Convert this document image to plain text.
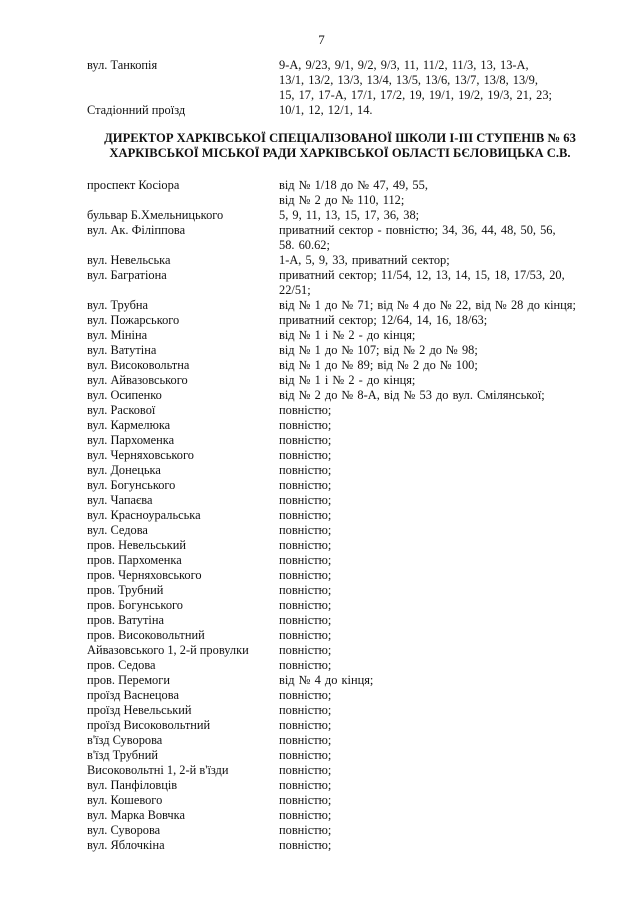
7
вул. Танкопія	9-А, 9/23, 9/1, 9/2, 9/3, 11, 11/2, 11/3, 13, 13-А,
13/1, 13/2, 13/3, 13/4, 13/5, 13/6, 13/7, 13/8, 13/9,
15, 17, 17-А, 17/1, 17/2, 19, 19/1, 19/2, 19/3, 21, 23;
Стадіонний проїзд	10/1, 12, 12/1, 14.
ДИРЕКТОР ХАРКІВСЬКОЇ СПЕЦІАЛІЗОВАНОЇ ШКОЛИ I-III СТУПЕНІВ № 63
ХАРКІВСЬКОЇ МІСЬКОЇ РАДИ ХАРКІВСЬКОЇ ОБЛАСТІ БЄЛОВИЦЬКА С.В.
проспект Косіора	від № 1/18 до № 47, 49, 55,
від № 2 до № 110, 112;
бульвар Б.Хмельницького	5, 9, 11, 13, 15, 17, 36, 38;
вул. Ак. Філіппова	приватний сектор - повністю; 34, 36, 44, 48, 50, 56,
58. 60.62;
вул. Невельська	1-А, 5, 9, 33, приватний сектор;
вул. Багратіона	приватний сектор; 11/54, 12, 13, 14, 15, 18, 17/53, 20,
22/51;
вул. Трубна	від № 1 до № 71; від № 4 до № 22, від № 28 до кінця;
вул. Пожарського	приватний сектор; 12/64, 14, 16, 18/63;
вул. Мініна	від № 1 і № 2 - до кінця;
вул. Ватутіна	від № 1 до № 107; від № 2 до № 98;
вул. Високовольтна	від № 1 до № 89; від № 2 до № 100;
вул. Айвазовського	від № 1 і № 2 - до кінця;
вул. Осипенко	від № 2 до № 8-А, від № 53 до вул. Смілянської;
вул. Раскової	повністю;
вул. Кармелюка	повністю;
вул. Пархоменка	повністю;
вул. Черняховського	повністю;
вул. Донецька	повністю;
вул. Богунського	повністю;
вул. Чапаєва	повністю;
вул. Красноуральська	повністю;
вул. Седова	повністю;
пров. Невельський	повністю;
пров. Пархоменка	повністю;
пров. Черняховського	повністю;
пров. Трубний	повністю;
пров. Богунського	повністю;
пров. Ватутіна	повністю;
пров. Високовольтний	повністю;
Айвазовського 1, 2-й провулки	повністю;
пров. Седова	повністю;
пров. Перемоги	від № 4 до кінця;
проїзд Васнецова	повністю;
проїзд Невельський	повністю;
проїзд Високовольтний	повністю;
в'їзд Суворова	повністю;
в'їзд Трубний	повністю;
Високовольтні 1, 2-й в'їзди	повністю;
вул. Панфіловців	повністю;
вул. Кошевого	повністю;
вул. Марка Вовчка	повністю;
вул. Суворова	повністю;
вул. Яблочкіна	повністю;
